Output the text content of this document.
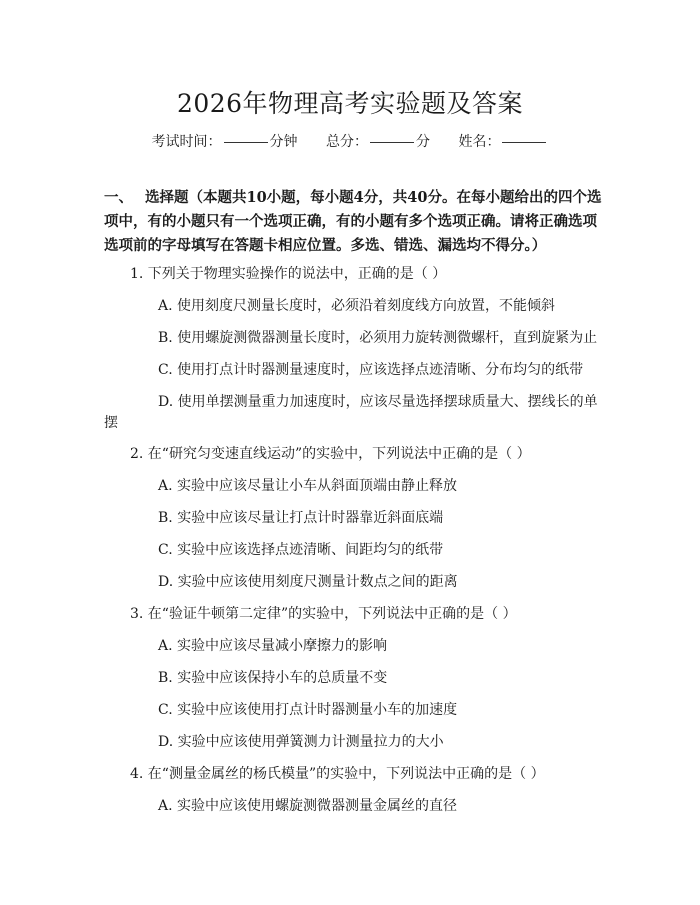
2026年物理高考实验题及答案
考试时间：	分钟 总分：	分 姓名：
一、 选择题（本题共10小题，每小题4分，共40分。在每小题给出的四个选项中，有的小题只有一个选项正确，有的小题有多个选项正确。请将正确选项选项前的字母填写在答题卡相应位置。多选、错选、漏选均不得分。）
1. 下列关于物理实验操作的说法中，正确的是（ ）
A. 使用刻度尺测量长度时，必须沿着刻度线方向放置，不能倾斜
B. 使用螺旋测微器测量长度时，必须用力旋转测微螺杆，直到旋紧为止
C. 使用打点计时器测量速度时，应该选择点迹清晰、分布均匀的纸带
D. 使用单摆测量重力加速度时，应该尽量选择摆球质量大、摆线长的单
摆
2. 在“研究匀变速直线运动”的实验中，下列说法中正确的是（ ）
A. 实验中应该尽量让小车从斜面顶端由静止释放
B. 实验中应该尽量让打点计时器靠近斜面底端
C. 实验中应该选择点迹清晰、间距均匀的纸带
D. 实验中应该使用刻度尺测量计数点之间的距离
3. 在“验证牛顿第二定律”的实验中，下列说法中正确的是（ ）
A. 实验中应该尽量减小摩擦力的影响
B. 实验中应该保持小车的总质量不变
C. 实验中应该使用打点计时器测量小车的加速度
D. 实验中应该使用弹簧测力计测量拉力的大小
4. 在“测量金属丝的杨氏模量”的实验中，下列说法中正确的是（ ）
A. 实验中应该使用螺旋测微器测量金属丝的直径
